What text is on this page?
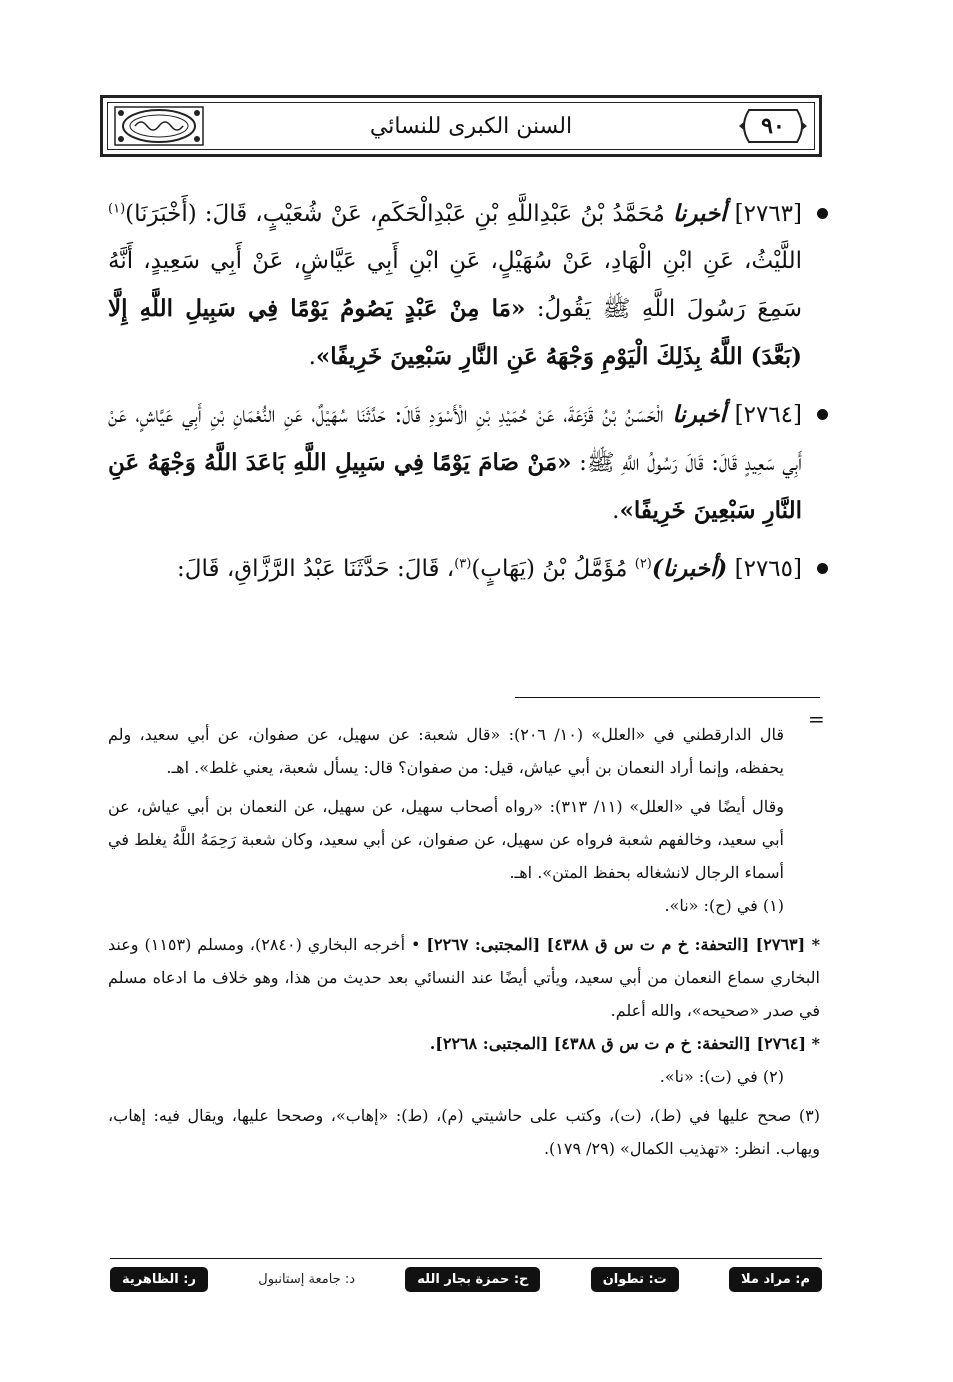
السنن الكبرى للنسائي	٩٠
[٢٧٦٣] أخبرنا مُحَمَّدُ بْنُ عَبْدِاللَّهِ بْنِ عَبْدِالْحَكَمِ، عَنْ شُعَيْبٍ، قَالَ: (أَخْبَرَنَا)$^{(١)}$ اللَّيْثُ، عَنِ ابْنِ الْهَادِ، عَنْ سُهَيْلٍ، عَنِ ابْنِ أَبِي عَيَّاشٍ، عَنْ أَبِي سَعِيدٍ، أَنَّهُ سَمِعَ رَسُولَ اللَّهِ ﷺ يَقُولُ: «مَا مِنْ عَبْدٍ يَصُومُ يَوْمًا فِي سَبِيلِ اللَّهِ إِلَّا (بَعَّدَ) اللَّهُ بِذَلِكَ الْيَوْمِ وَجْهَهُ عَنِ النَّارِ سَبْعِينَ خَرِيفًا».
[٢٧٦٤] أخبرنا الْحَسَنُ بْنُ قَزَعَةَ، عَنْ حُمَيْدِ بْنِ الْأَسْوَدِ قَالَ: حَدَّثَنَا سُهَيْلٌ، عَنِ النُّعْمَانِ بْنِ أَبِي عَيَّاشٍ، عَنْ أَبِي سَعِيدٍ قَالَ: قَالَ رَسُولُ اللَّهِ ﷺ: «مَنْ صَامَ يَوْمًا فِي سَبِيلِ اللَّهِ بَاعَدَ اللَّهُ وَجْهَهُ عَنِ النَّارِ سَبْعِينَ خَرِيفًا».
[٢٧٦٥] (أخبرنا)$^{(٢)}$ مُؤَمَّلُ بْنُ (يَهَابٍ)$^{(٣)}$، قَالَ: حَدَّثَنَا عَبْدُ الرَّزَّاقِ، قَالَ:
=

قال الدارقطني في «العلل» (١٠/ ٢٠٦): «قال شعبة: عن سهيل، عن صفوان، عن أبي سعيد، ولم يحفظه، وإنما أراد النعمان بن أبي عياش، قيل: من صفوان؟ قال: يسأل شعبة، يعني غلط». اهـ.

وقال أيضًا في «العلل» (١١/ ٣١٣): «رواه أصحاب سهيل، عن سهيل، عن النعمان بن أبي عياش، عن أبي سعيد، وخالفهم شعبة فرواه عن سهيل، عن صفوان، عن أبي سعيد، وكان شعبة رَحِمَهُ اللَّهُ يغلط في أسماء الرجال لانشغاله بحفظ المتن». اهـ.

(١) في (ح): «نا».

* [٢٧٦٣] [التحفة: خ م ت س ق ٤٣٨٨] [المجتبى: ٢٢٦٧] • أخرجه البخاري (٢٨٤٠)، ومسلم (١١٥٣) وعند البخاري سماع النعمان من أبي سعيد، ويأتي أيضًا عند النسائي بعد حديث من هذا، وهو خلاف ما ادعاه مسلم في صدر «صحيحه»، والله أعلم.

* [٢٧٦٤] [التحفة: خ م ت س ق ٤٣٨٨] [المجتبى: ٢٢٦٨].

(٢) في (ت): «نا».

(٣) صحح عليها في (ط)، (ت)، وكتب على حاشيتي (م)، (ط): «إهاب»، وصححا عليها، ويقال فيه: إهاب، ويهاب. انظر: «تهذيب الكمال» (٢٩/ ١٧٩).

م: مراد ملا
ت: تطوان
ح: حمزة بجار الله
د: جامعة إستانبول
ر: الظاهرية
